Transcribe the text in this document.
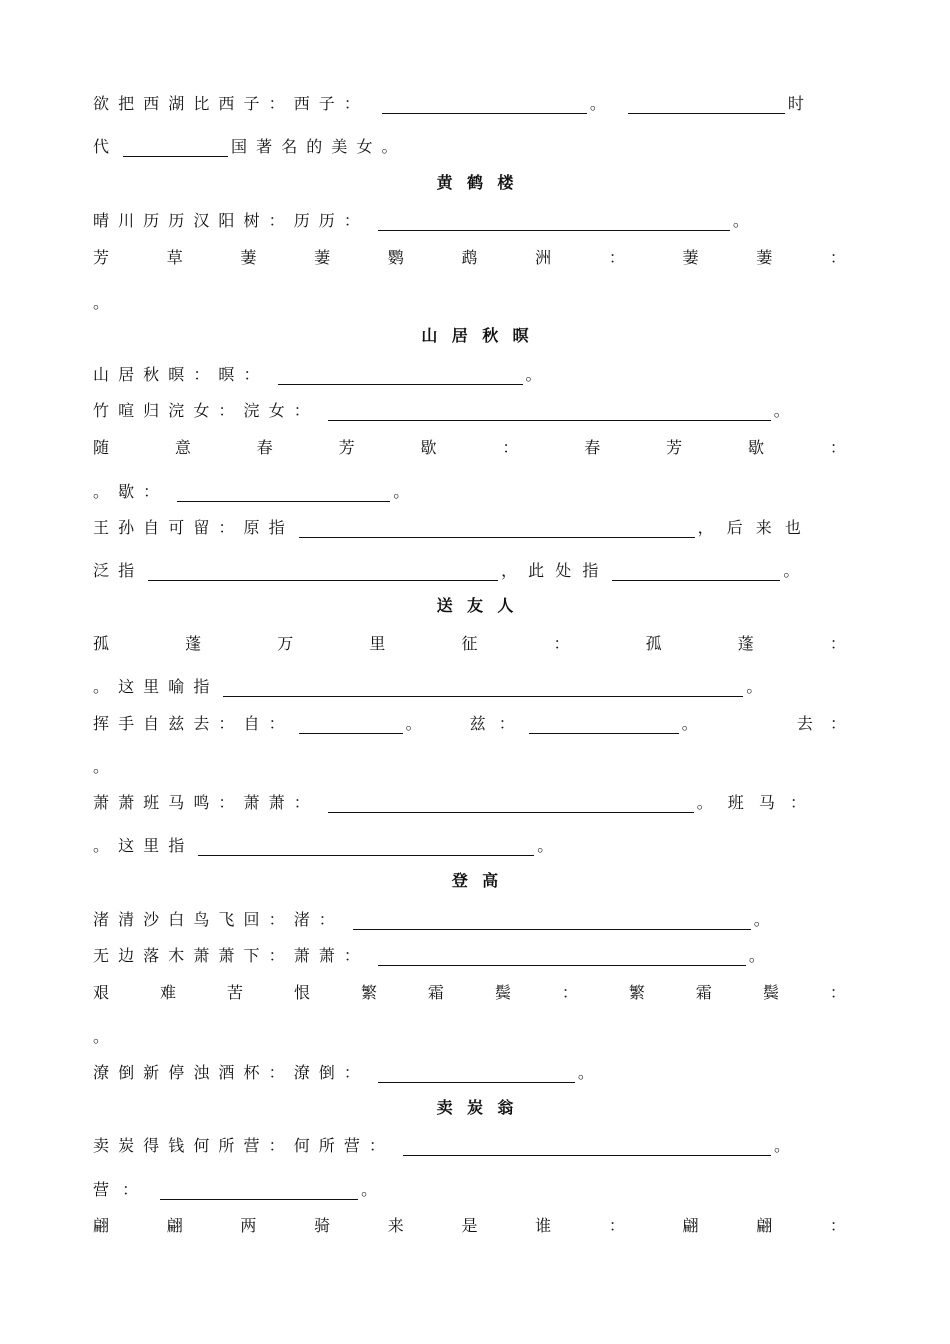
欲 把 西 湖 比 西 子 ： 西 子 ：	。	时
代	国 著 名 的 美 女 。
黄鹤楼
晴 川 历 历 汉 阳 树 ： 历 历 ：	。
芳	草	萋	萋	鹦	鹉	洲	：	萋	萋	：
。
山居秋暝
山 居 秋 暝 ： 暝 ：	。
竹 喧 归 浣 女 ： 浣 女 ：	。
随	意	春	芳	歇	：	春	芳	歇	：
。 歇 ：	。
王 孙 自 可 留 ： 原 指	， 后 来 也
泛 指	， 此 处 指	。
送友人
孤	蓬	万	里	征	：	孤	蓬	：
。 这 里 喻 指	。
挥 手 自 兹 去 ： 自 ：	。	兹 ：	。	去 ：
。
萧 萧 班 马 鸣 ： 萧 萧 ：	。 班 马 ：
。 这 里 指	。
登高
渚 清 沙 白 鸟 飞 回 ： 渚 ：	。
无 边 落 木 萧 萧 下 ： 萧 萧 ：	。
艰	难	苦	恨	繁	霜	鬓	：	繁	霜	鬓	：
。
潦 倒 新 停 浊 酒 杯 ： 潦 倒 ：	。
卖炭翁
卖 炭 得 钱 何 所 营 ： 何 所 营 ：	。
营 ：	。
翩	翩	两	骑	来	是	谁	：	翩	翩	：
